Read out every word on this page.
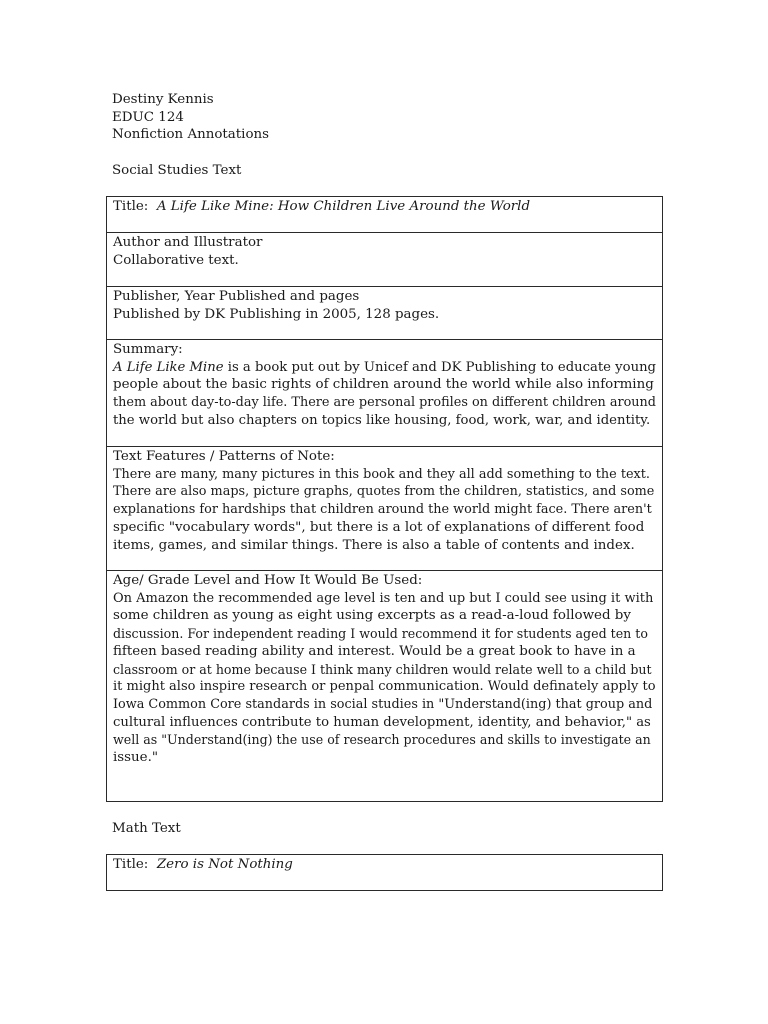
Destiny Kennis
EDUC 124
Nonfiction Annotations
Social Studies Text
Title: A Life Like Mine: How Children Live Around the World

Author and Illustrator
Collaborative text.

Publisher, Year Published and pages
Published by DK Publishing in 2005, 128 pages.

Summary:
A Life Like Mine is a book put out by Unicef and DK Publishing to educate young
people about the basic rights of children around the world while also informing
them about day-to-day life. There are personal profiles on different children around
the world but also chapters on topics like housing, food, work, war, and identity.

Text Features / Patterns of Note:
There are many, many pictures in this book and they all add something to the text.
There are also maps, picture graphs, quotes from the children, statistics, and some
explanations for hardships that children around the world might face. There aren't
specific "vocabulary words", but there is a lot of explanations of different food
items, games, and similar things. There is also a table of contents and index.

Age/ Grade Level and How It Would Be Used:
On Amazon the recommended age level is ten and up but I could see using it with
some children as young as eight using excerpts as a read-a-loud followed by
discussion. For independent reading I would recommend it for students aged ten to
fifteen based reading ability and interest. Would be a great book to have in a
classroom or at home because I think many children would relate well to a child but
it might also inspire research or penpal communication. Would definately apply to
Iowa Common Core standards in social studies in "Understand(ing) that group and
cultural influences contribute to human development, identity, and behavior," as
well as "Understand(ing) the use of research procedures and skills to investigate an
issue."
Math Text
Title: Zero is Not Nothing
